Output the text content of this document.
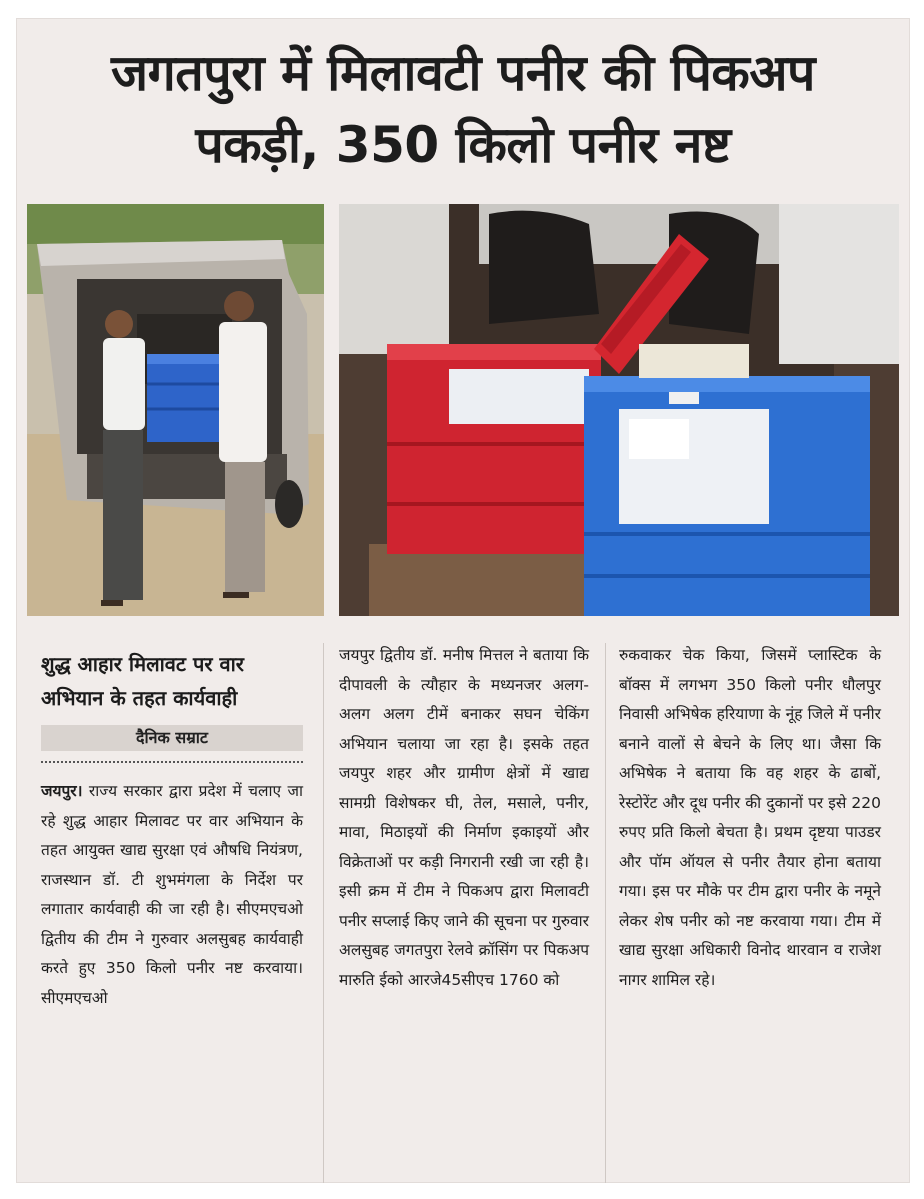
जगतपुरा में मिलावटी पनीर की पिकअप
पकड़ी, 350 किलो पनीर नष्ट
शुद्ध आहार मिलावट पर वार अभियान के तहत कार्यवाही
दैनिक सम्राट

जयपुर। राज्य सरकार द्वारा प्रदेश में चलाए जा रहे शुद्ध आहार मिलावट पर वार अभियान के तहत आयुक्त खाद्य सुरक्षा एवं औषधि नियंत्रण, राजस्थान डॉ. टी शुभमंगला के निर्देश पर लगातार कार्यवाही की जा रही है। सीएमएचओ द्वितीय की टीम ने गुरुवार अलसुबह कार्यवाही करते हुए 350 किलो पनीर नष्ट करवाया। सीएमएचओ

जयपुर द्वितीय डॉ. मनीष मित्तल ने बताया कि दीपावली के त्यौहार के मध्यनजर अलग-अलग अलग टीमें बनाकर सघन चेकिंग अभियान चलाया जा रहा है। इसके तहत जयपुर शहर और ग्रामीण क्षेत्रों में खाद्य सामग्री विशेषकर घी, तेल, मसाले, पनीर, मावा, मिठाइयों की निर्माण इकाइयों और विक्रेताओं पर कड़ी निगरानी रखी जा रही है। इसी क्रम में टीम ने पिकअप द्वारा मिलावटी पनीर सप्लाई किए जाने की सूचना पर गुरुवार अलसुबह जगतपुरा रेलवे क्रॉसिंग पर पिकअप मारुति ईको आरजे45सीएच 1760 को

रुकवाकर चेक किया, जिसमें प्लास्टिक के बॉक्स में लगभग 350 किलो पनीर धौलपुर निवासी अभिषेक हरियाणा के नूंह जिले में पनीर बनाने वालों से बेचने के लिए था। जैसा कि अभिषेक ने बताया कि वह शहर के ढाबों, रेस्टोरेंट और दूध पनीर की दुकानों पर इसे 220 रुपए प्रति किलो बेचता है। प्रथम दृष्टया पाउडर और पॉम ऑयल से पनीर तैयार होना बताया गया। इस पर मौके पर टीम द्वारा पनीर के नमूने लेकर शेष पनीर को नष्ट करवाया गया। टीम में खाद्य सुरक्षा अधिकारी विनोद थारवान व राजेश नागर शामिल रहे।
